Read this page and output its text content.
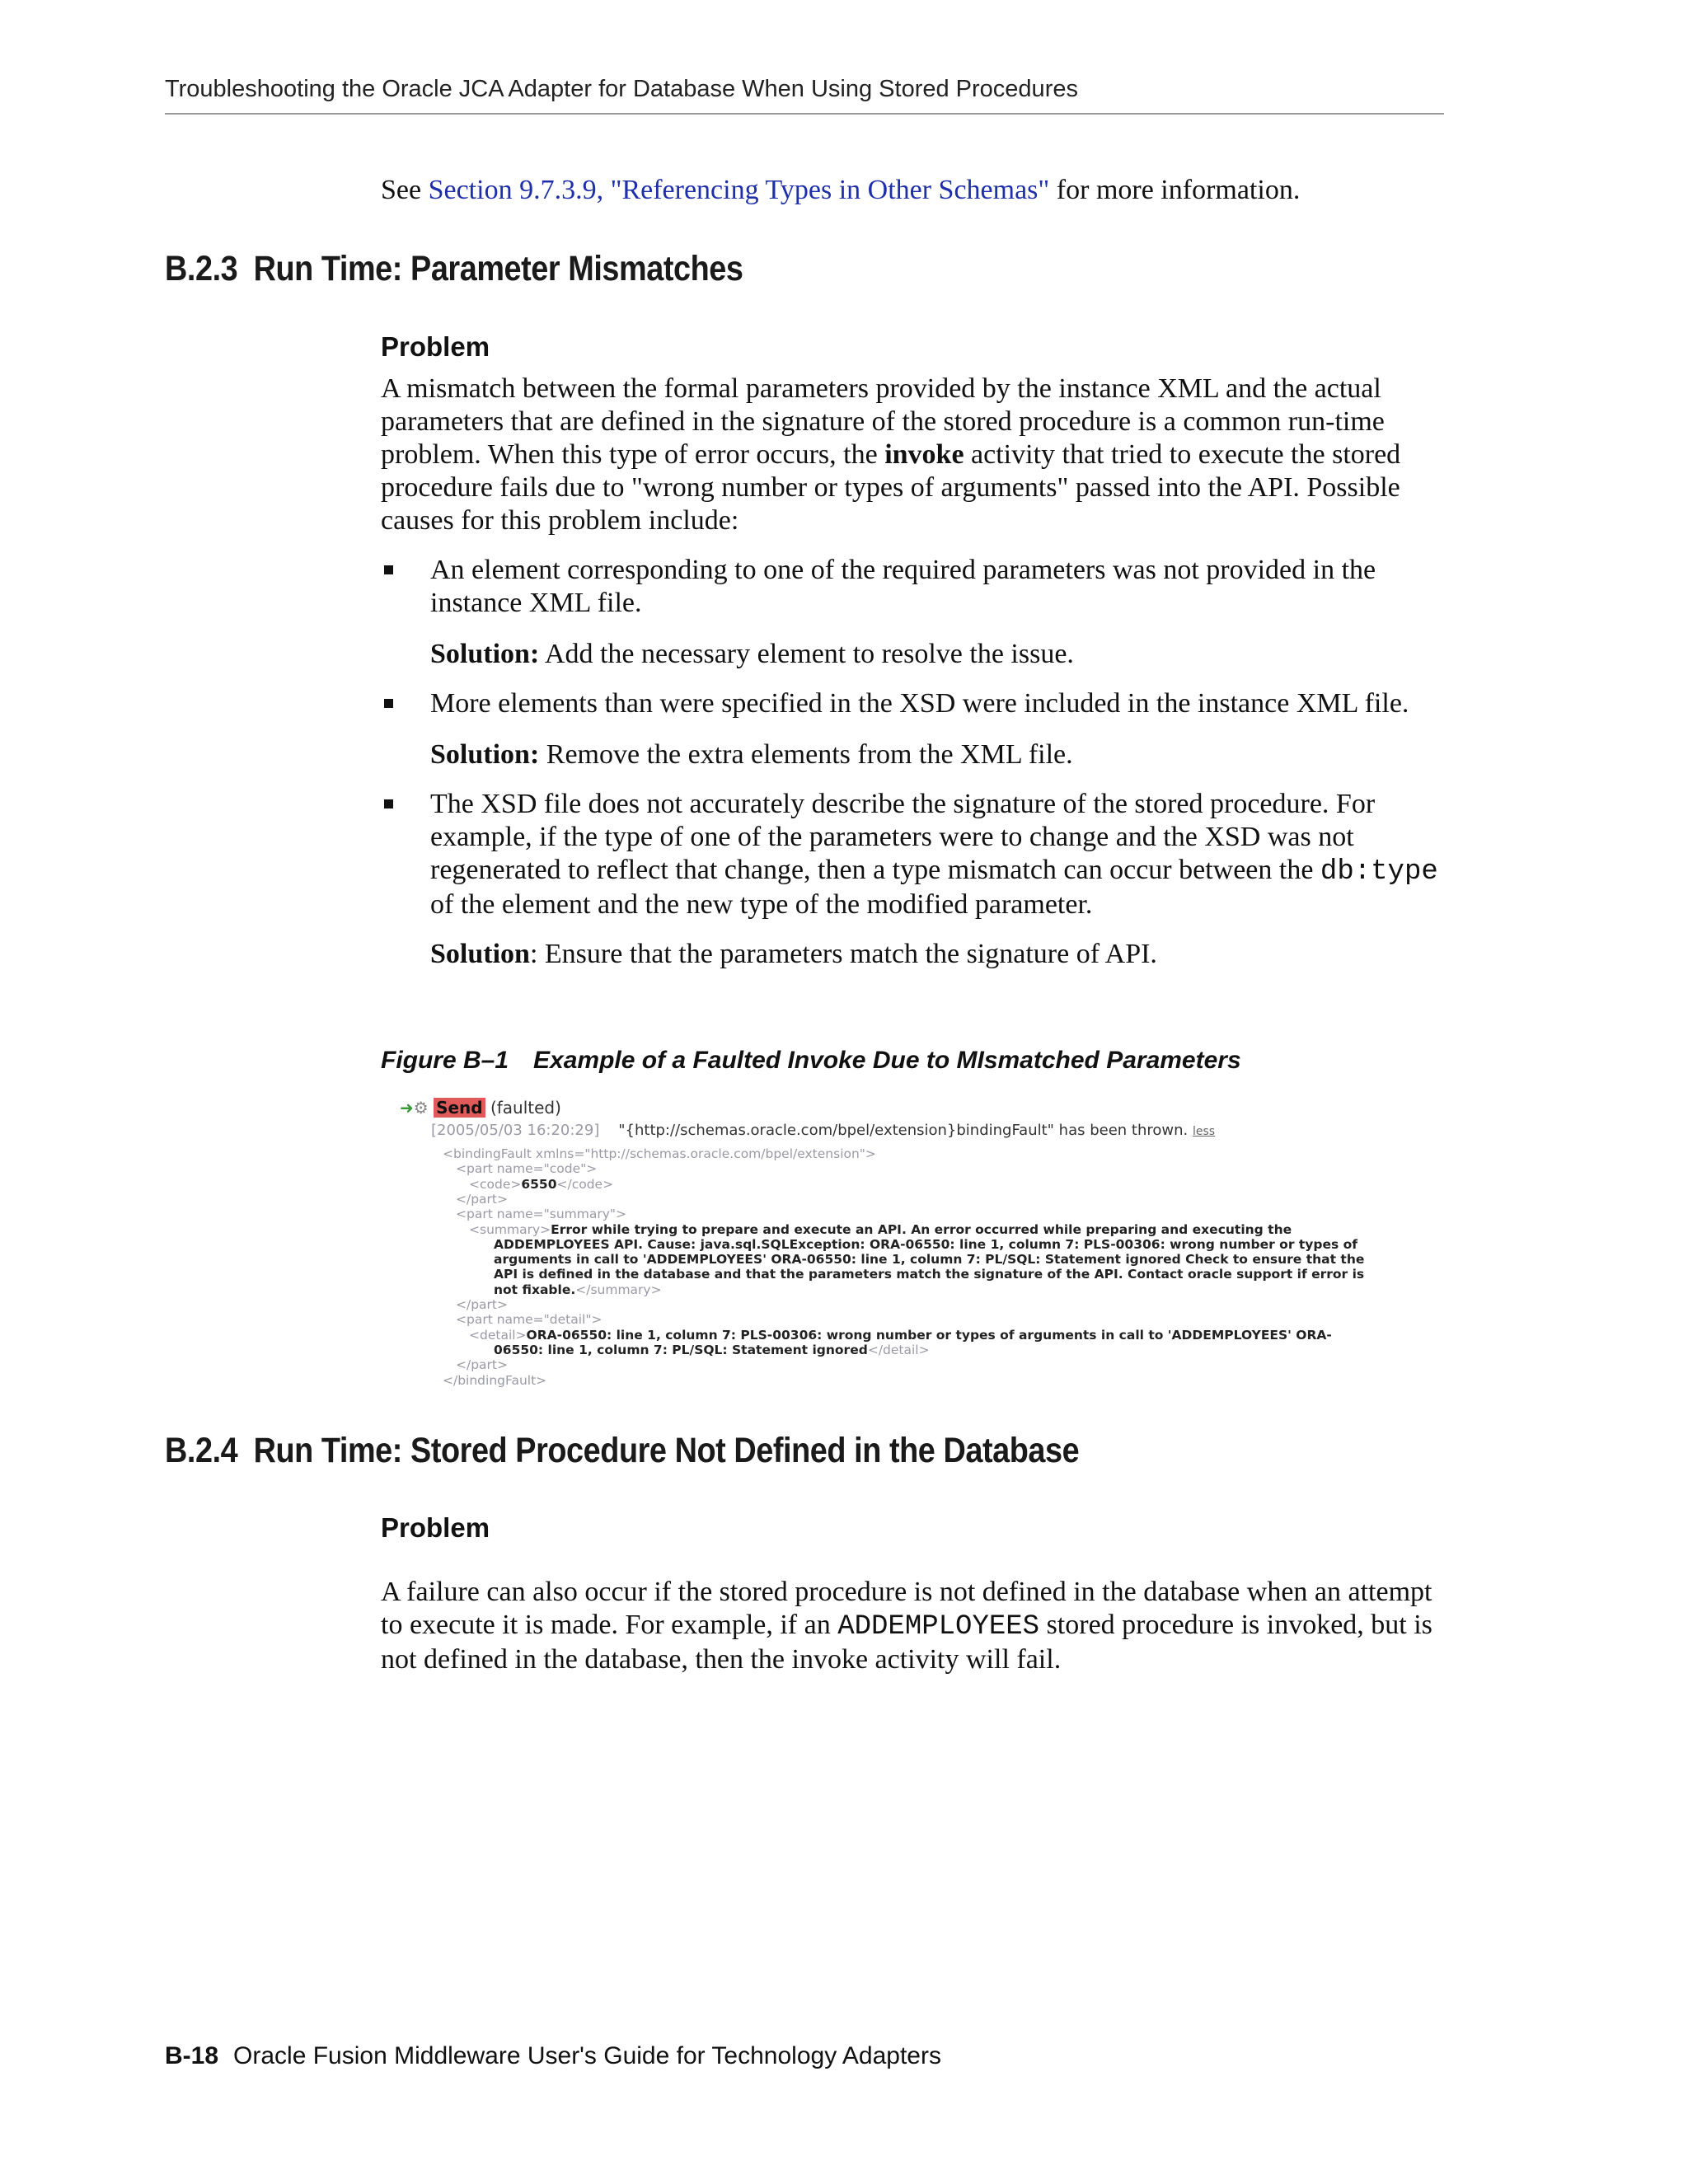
Troubleshooting the Oracle JCA Adapter for Database When Using Stored Procedures
See Section 9.7.3.9, "Referencing Types in Other Schemas" for more information.
B.2.3 Run Time: Parameter Mismatches
Problem

A mismatch between the formal parameters provided by the instance XML and the actual parameters that are defined in the signature of the stored procedure is a common run-time problem. When this type of error occurs, the invoke activity that tried to execute the stored procedure fails due to "wrong number or types of arguments" passed into the API. Possible causes for this problem include:

An element corresponding to one of the required parameters was not provided in the instance XML file.
Solution: Add the necessary element to resolve the issue.
More elements than were specified in the XSD were included in the instance XML file.
Solution: Remove the extra elements from the XML file.
The XSD file does not accurately describe the signature of the stored procedure. For example, if the type of one of the parameters were to change and the XSD was not regenerated to reflect that change, then a type mismatch can occur between the db:type of the element and the new type of the modified parameter.
Solution: Ensure that the parameters match the signature of API.
Figure B–1 Example of a Faulted Invoke Due to MIsmatched Parameters
➜⚙ Send (faulted)
[2005/05/03 16:20:29] "{http://schemas.oracle.com/bpel/extension}bindingFault" has been thrown. less
<bindingFault xmlns="http://schemas.oracle.com/bpel/extension">
<part name="code">
<code>6550</code>
</part>
<part name="summary">
<summary>Error while trying to prepare and execute an API. An error occurred while preparing and executing the
ADDEMPLOYEES API. Cause: java.sql.SQLException: ORA-06550: line 1, column 7: PLS-00306: wrong number or types of
arguments in call to 'ADDEMPLOYEES' ORA-06550: line 1, column 7: PL/SQL: Statement ignored Check to ensure that the
API is defined in the database and that the parameters match the signature of the API. Contact oracle support if error is
not fixable.</summary>
</part>
<part name="detail">
<detail>ORA-06550: line 1, column 7: PLS-00306: wrong number or types of arguments in call to 'ADDEMPLOYEES' ORA-
06550: line 1, column 7: PL/SQL: Statement ignored</detail>
</part>
</bindingFault>

A failure can also occur if the stored procedure is not defined in the database when an attempt to execute it is made. For example, if an ADDEMPLOYEES stored procedure is invoked, but is not defined in the database, then the invoke activity will fail.

B.2.4 Run Time: Stored Procedure Not Defined in the Database
Problem
B-18 Oracle Fusion Middleware User's Guide for Technology Adapters
